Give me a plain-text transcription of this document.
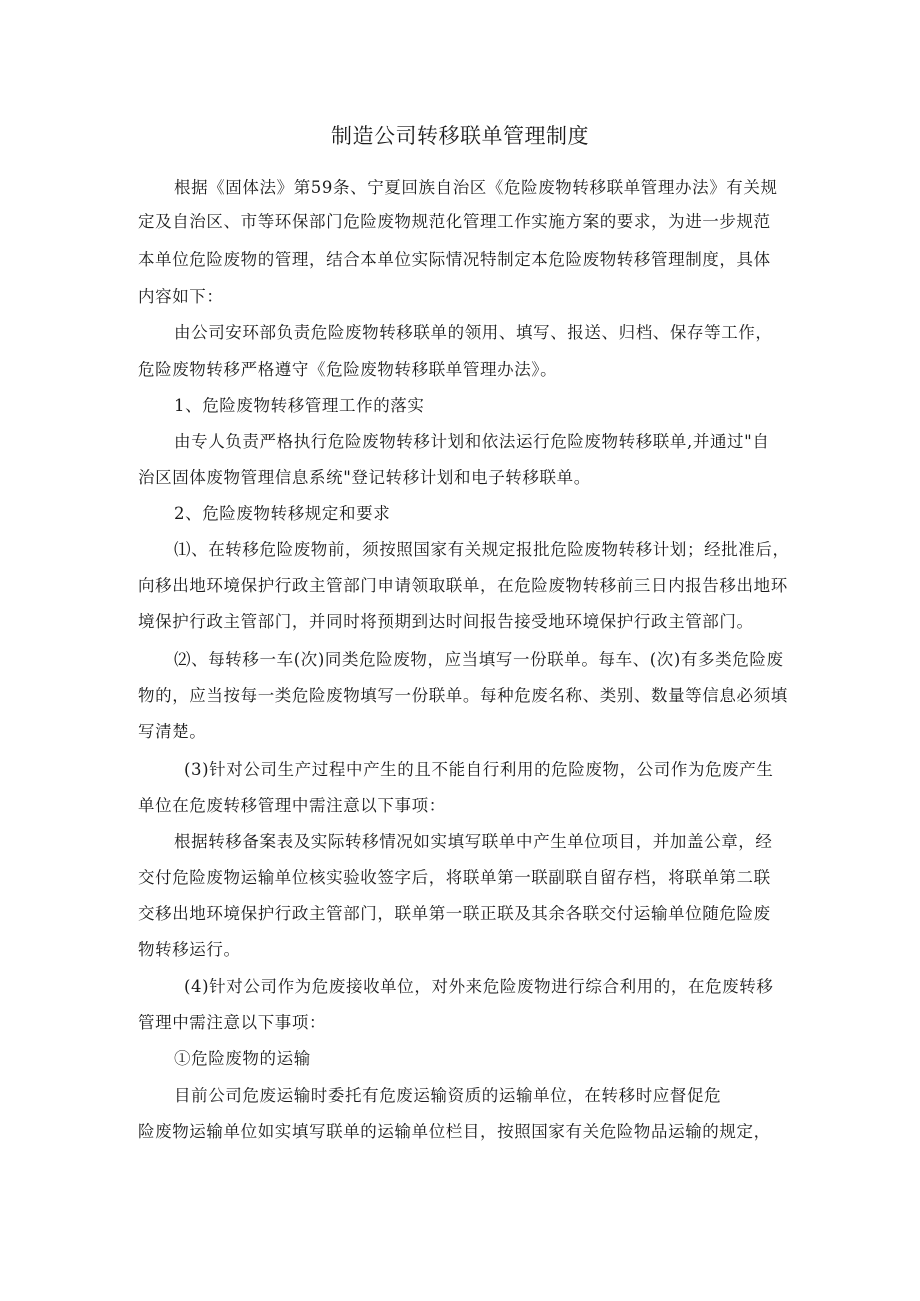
制造公司转移联单管理制度
根据《固体法》第59条、宁夏回族自治区《危险废物转移联单管理办法》有关规
定及自治区、市等环保部门危险废物规范化管理工作实施方案的要求，为进一步规范
本单位危险废物的管理，结合本单位实际情况特制定本危险废物转移管理制度，具体
内容如下：
由公司安环部负责危险废物转移联单的领用、填写、报送、归档、保存等工作，
危险废物转移严格遵守《危险废物转移联单管理办法》。
1、危险废物转移管理工作的落实
由专人负责严格执行危险废物转移计划和依法运行危险废物转移联单,并通过"自
治区固体废物管理信息系统"登记转移计划和电子转移联单。
2、危险废物转移规定和要求
⑴、在转移危险废物前，须按照国家有关规定报批危险废物转移计划；经批准后，
向移出地环境保护行政主管部门申请领取联单，在危险废物转移前三日内报告移出地环
境保护行政主管部门，并同时将预期到达时间报告接受地环境保护行政主管部门。
⑵、每转移一车(次)同类危险废物，应当填写一份联单。每车、(次)有多类危险废
物的，应当按每一类危险废物填写一份联单。每种危废名称、类别、数量等信息必须填
写清楚。
(3)针对公司生产过程中产生的且不能自行利用的危险废物，公司作为危废产生
单位在危废转移管理中需注意以下事项：
根据转移备案表及实际转移情况如实填写联单中产生单位项目，并加盖公章，经
交付危险废物运输单位核实验收签字后，将联单第一联副联自留存档，将联单第二联
交移出地环境保护行政主管部门，联单第一联正联及其余各联交付运输单位随危险废
物转移运行。
(4)针对公司作为危废接收单位，对外来危险废物进行综合利用的，在危废转移
管理中需注意以下事项：
①危险废物的运输
目前公司危废运输时委托有危废运输资质的运输单位，在转移时应督促危
险废物运输单位如实填写联单的运输单位栏目，按照国家有关危险物品运输的规定，
